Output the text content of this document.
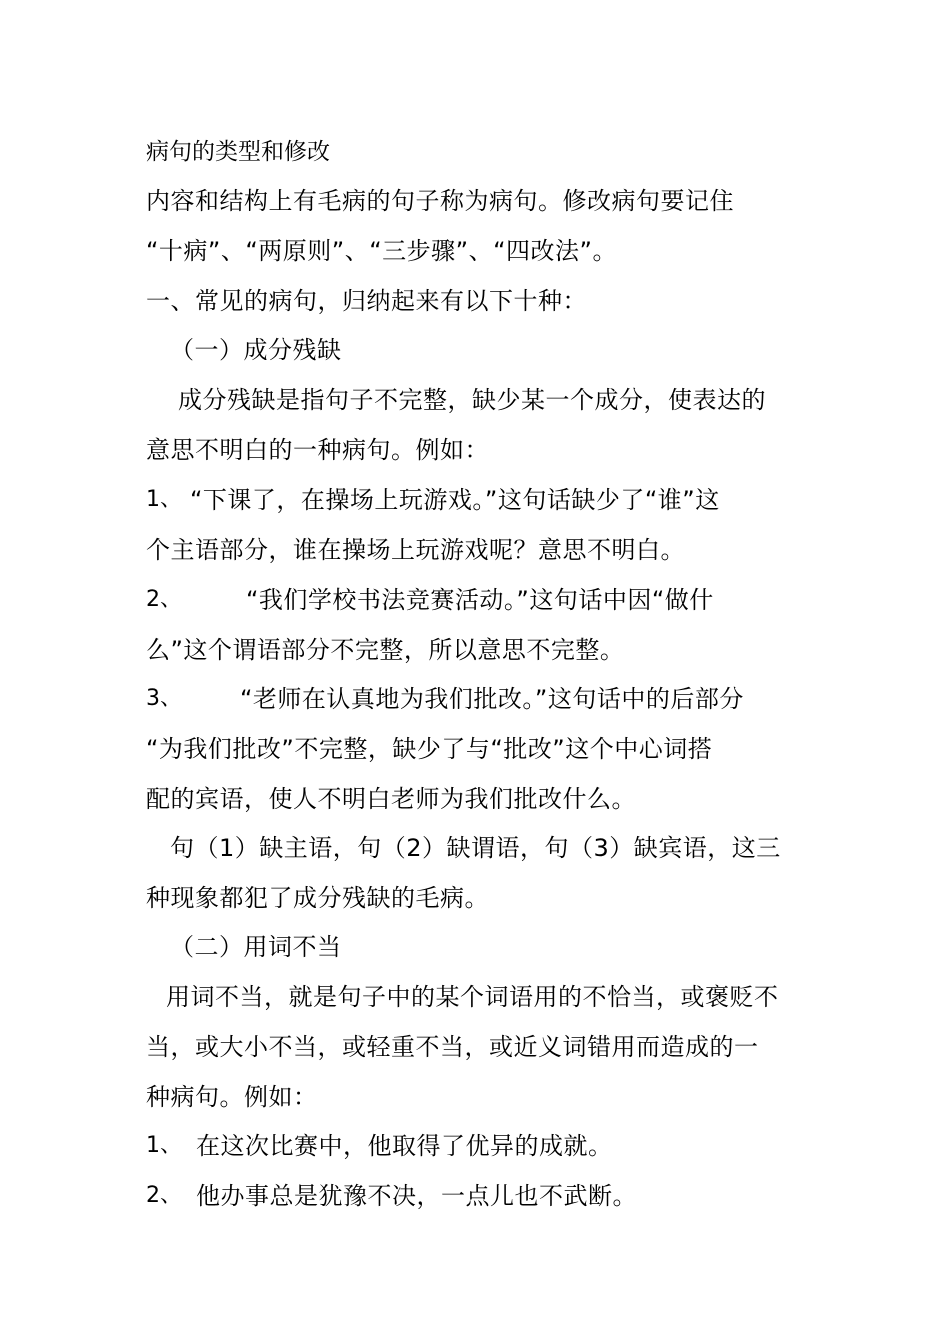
病句的类型和修改
内容和结构上有毛病的句子称为病句。修改病句要记住
“十病”、“两原则”、“三步骤”、“四改法”。
一、常见的病句，归纳起来有以下十种：
（一）成分残缺
成分残缺是指句子不完整，缺少某一个成分，使表达的
意思不明白的一种病句。例如：
1、 “下课了，在操场上玩游戏。”这句话缺少了“谁”这
个主语部分，谁在操场上玩游戏呢？意思不明白。
2、	“我们学校书法竞赛活动。”这句话中因“做什
么”这个谓语部分不完整，所以意思不完整。
3、 “老师在认真地为我们批改。”这句话中的后部分
“为我们批改”不完整，缺少了与“批改”这个中心词搭
配的宾语，使人不明白老师为我们批改什么。
句（1）缺主语，句（2）缺谓语，句（3）缺宾语，这三
种现象都犯了成分残缺的毛病。
（二）用词不当
用词不当，就是句子中的某个词语用的不恰当，或褒贬不
当，或大小不当，或轻重不当，或近义词错用而造成的一
种病句。例如：
1、 在这次比赛中，他取得了优异的成就。
2、 他办事总是犹豫不决，一点儿也不武断。
